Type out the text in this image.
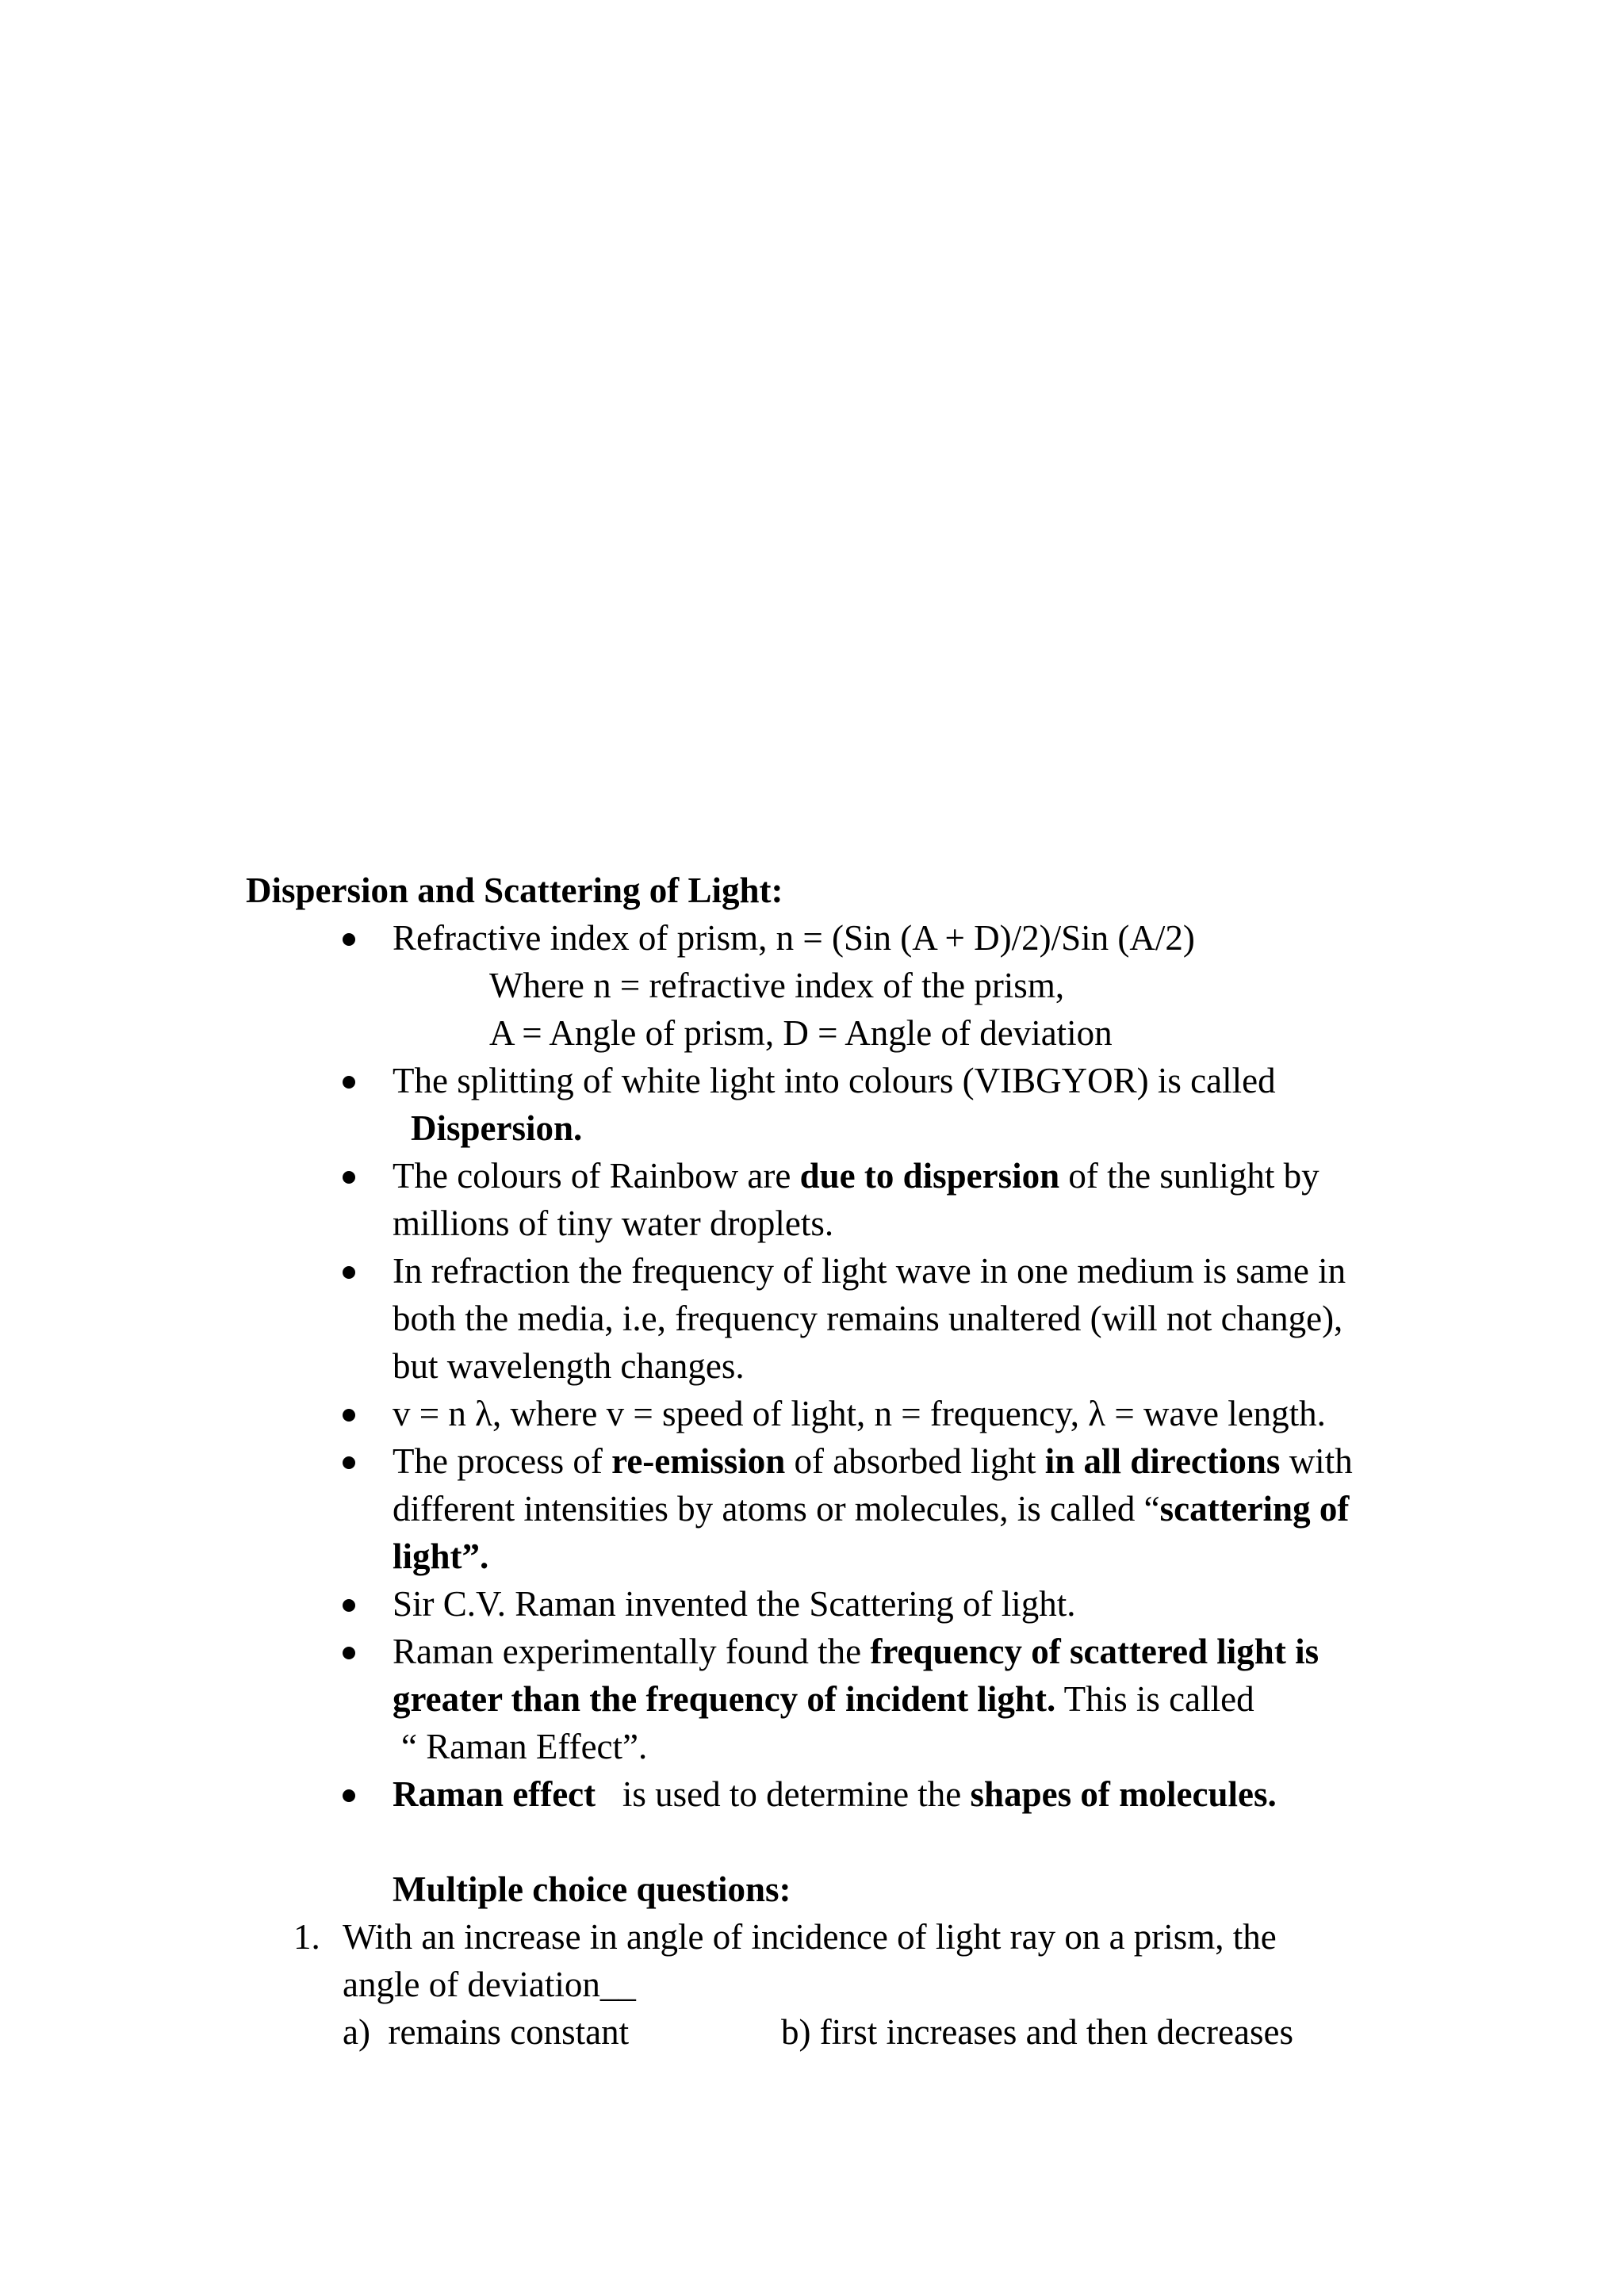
Dispersion and Scattering of Light:
Refractive index of prism, n = (Sin (A + D)/2)/Sin (A/2)
Where n = refractive index of the prism,
A = Angle of prism, D = Angle of deviation
The splitting of white light into colours (VIBGYOR) is called
Dispersion.
The colours of Rainbow are due to dispersion of the sunlight by
millions of tiny water droplets.
In refraction the frequency of light wave in one medium is same in
both the media, i.e, frequency remains unaltered (will not change),
but wavelength changes.
v = n λ, where v = speed of light, n = frequency, λ = wave length.
The process of re-emission of absorbed light in all directions with
different intensities by atoms or molecules, is called “scattering of
light”.
Sir C.V. Raman invented the Scattering of light.
Raman experimentally found the frequency of scattered light is
greater than the frequency of incident light. This is called
“ Raman Effect”.
Raman effect   is used to determine the shapes of molecules.
Multiple choice questions:
1. With an increase in angle of incidence of light ray on a prism, the
angle of deviation__
a)  remains constant	b) first increases and then decreases
